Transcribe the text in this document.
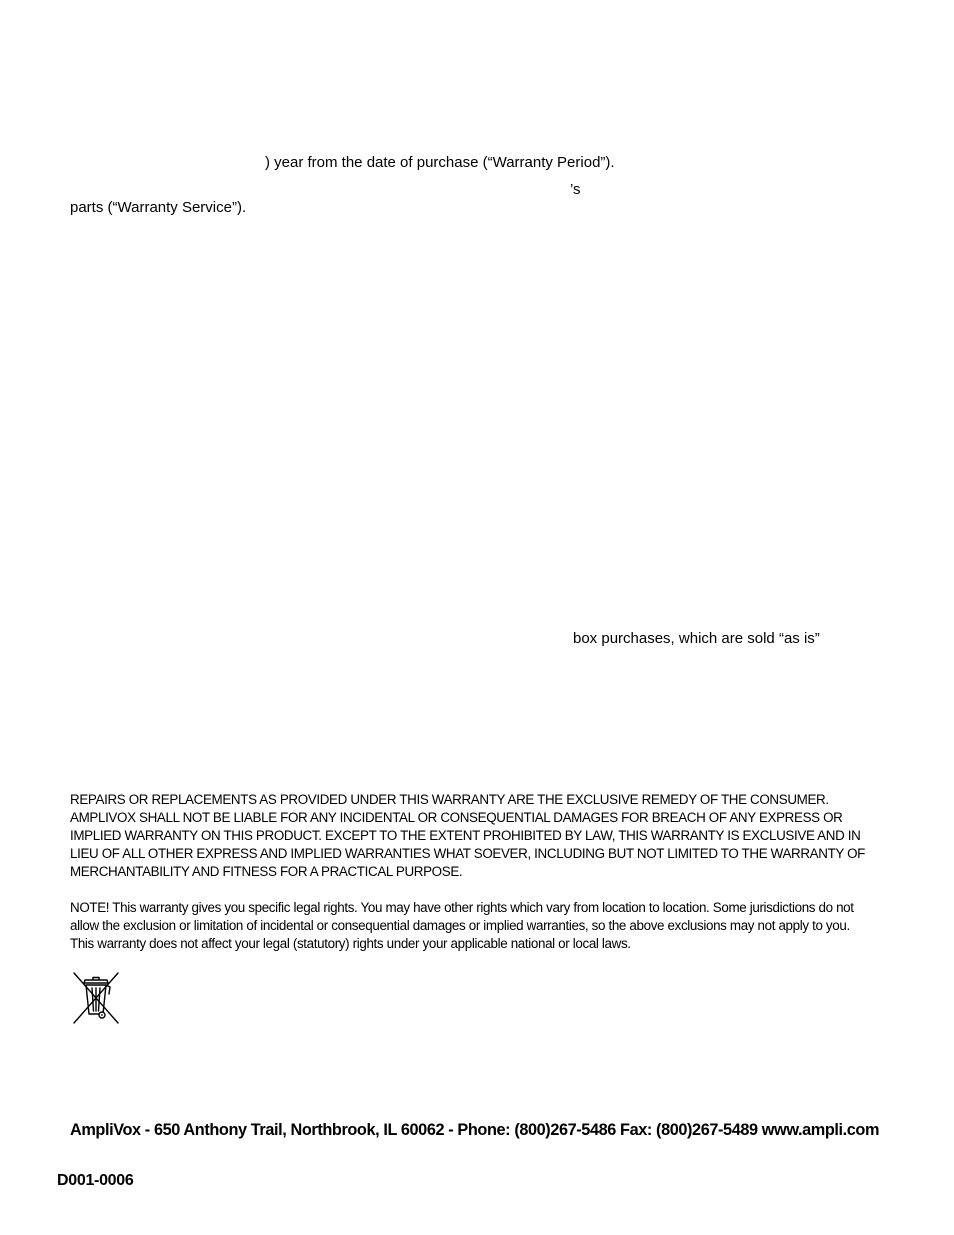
) year from the date of purchase (“Warranty Period”).
’s
parts (“Warranty Service”).
box purchases, which are sold “as is”
REPAIRS OR REPLACEMENTS AS PROVIDED UNDER THIS WARRANTY ARE THE EXCLUSIVE REMEDY OF THE CONSUMER.
AMPLIVOX SHALL NOT BE LIABLE FOR ANY INCIDENTAL OR CONSEQUENTIAL DAMAGES FOR BREACH OF ANY EXPRESS OR
IMPLIED WARRANTY ON THIS PRODUCT. EXCEPT TO THE EXTENT PROHIBITED BY LAW, THIS WARRANTY IS EXCLUSIVE AND IN
LIEU OF ALL OTHER EXPRESS AND IMPLIED WARRANTIES WHAT SOEVER, INCLUDING BUT NOT LIMITED TO THE WARRANTY OF
MERCHANTABILITY AND FITNESS FOR A PRACTICAL PURPOSE.
NOTE! This warranty gives you specific legal rights. You may have other rights which vary from location to location. Some jurisdictions do not
allow the exclusion or limitation of incidental or consequential damages or implied warranties, so the above exclusions may not apply to you.
This warranty does not affect your legal (statutory) rights under your applicable national or local laws.
AmpliVox - 650 Anthony Trail, Northbrook, IL 60062 - Phone: (800)267-5486 Fax: (800)267-5489 www.ampli.com
D001-0006
